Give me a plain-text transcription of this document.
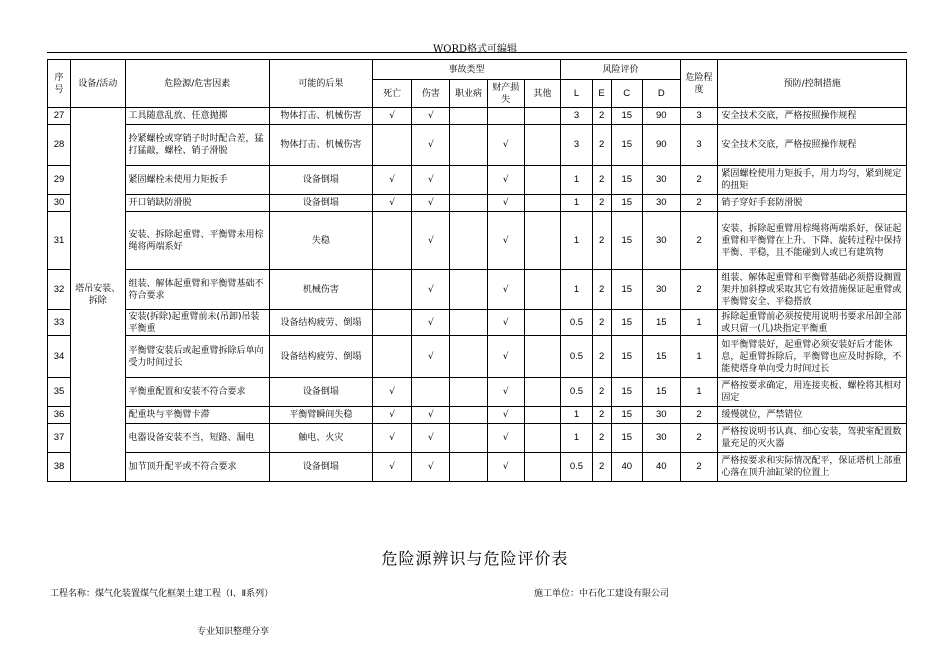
WORD格式可编辑
序号	设备/活动	危险源/危害因素	可能的后果	事故类型					风险评价				危险程度	预防/控制措施
				死亡	伤害	职业病	财产损失	其他	L	E	C	D		
27	塔吊安装、拆除	工具随意乱放、任意抛掷	物体打击、机械伤害	√	√				3	2	15	90	3	安全技术交底，严格按照操作规程
28		拎紧螺栓或穿销子时时配合差，猛打猛敲，螺栓、销子滑脱	物体打击、机械伤害		√		√		3	2	15	90	3	安全技术交底，严格按照操作规程
29		紧固螺栓未使用力矩扳手	设备倒塌	√	√		√		1	2	15	30	2	紧固螺栓使用力矩扳手，用力均匀，紧到规定的扭矩
30		开口销缺防滑脱	设备倒塌	√	√		√		1	2	15	30	2	销子穿好手套防滑脱
31		安装、拆除起重臂、平衡臂未用棕绳将两端系好	失稳		√		√		1	2	15	30	2	安装、拆除起重臂用棕绳将两端系好，保证起重臂和平衡臂在上升、下降、旋转过程中保持平衡、平稳，且不能碰到人或已有建筑物
32		组装、解体起重臂和平衡臂基础不符合要求	机械伤害		√		√		1	2	15	30	2	组装、解体起重臂和平衡臂基础必须搭设搁置架并加斜撑或采取其它有效措施保证起重臂或平衡臂安全、平稳搭放
33		安装(拆除)起重臂前未(吊卸)吊装平衡重	设备结构疲劳、倒塌		√		√		0.5	2	15	15	1	拆除起重臂前必须按使用说明书要求吊卸全部或只留一(几)块指定平衡重
34		平衡臂安装后或起重臂拆除后单向受力时间过长	设备结构疲劳、倒塌		√		√		0.5	2	15	15	1	如平衡臂装好，起重臂必须安装好后才能休息，起重臂拆除后，平衡臂也应及时拆除，不能使塔身单向受力时间过长
35		平衡重配置和安装不符合要求	设备倒塌	√			√		0.5	2	15	15	1	严格按要求确定，用连接夹板、螺栓将其相对固定
36		配重块与平衡臂卡滞	平衡臂瞬间失稳	√	√		√		1	2	15	30	2	缓慢就位，严禁错位
37		电器设备安装不当，短路、漏电	触电、火灾	√	√		√		1	2	15	30	2	严格按说明书认真、细心安装，驾驶室配置数量充足的灭火器
38		加节顶升配平或不符合要求	设备倒塌	√	√		√		0.5	2	40	40	2	严格按要求和实际情况配平，保证塔机上部重心落在顶升油缸梁的位置上
危险源辨识与危险评价表
工程名称：煤气化装置煤气化框架土建工程（Ⅰ、Ⅱ系列）	施工单位：中石化工建设有限公司
专业知识整理分享
